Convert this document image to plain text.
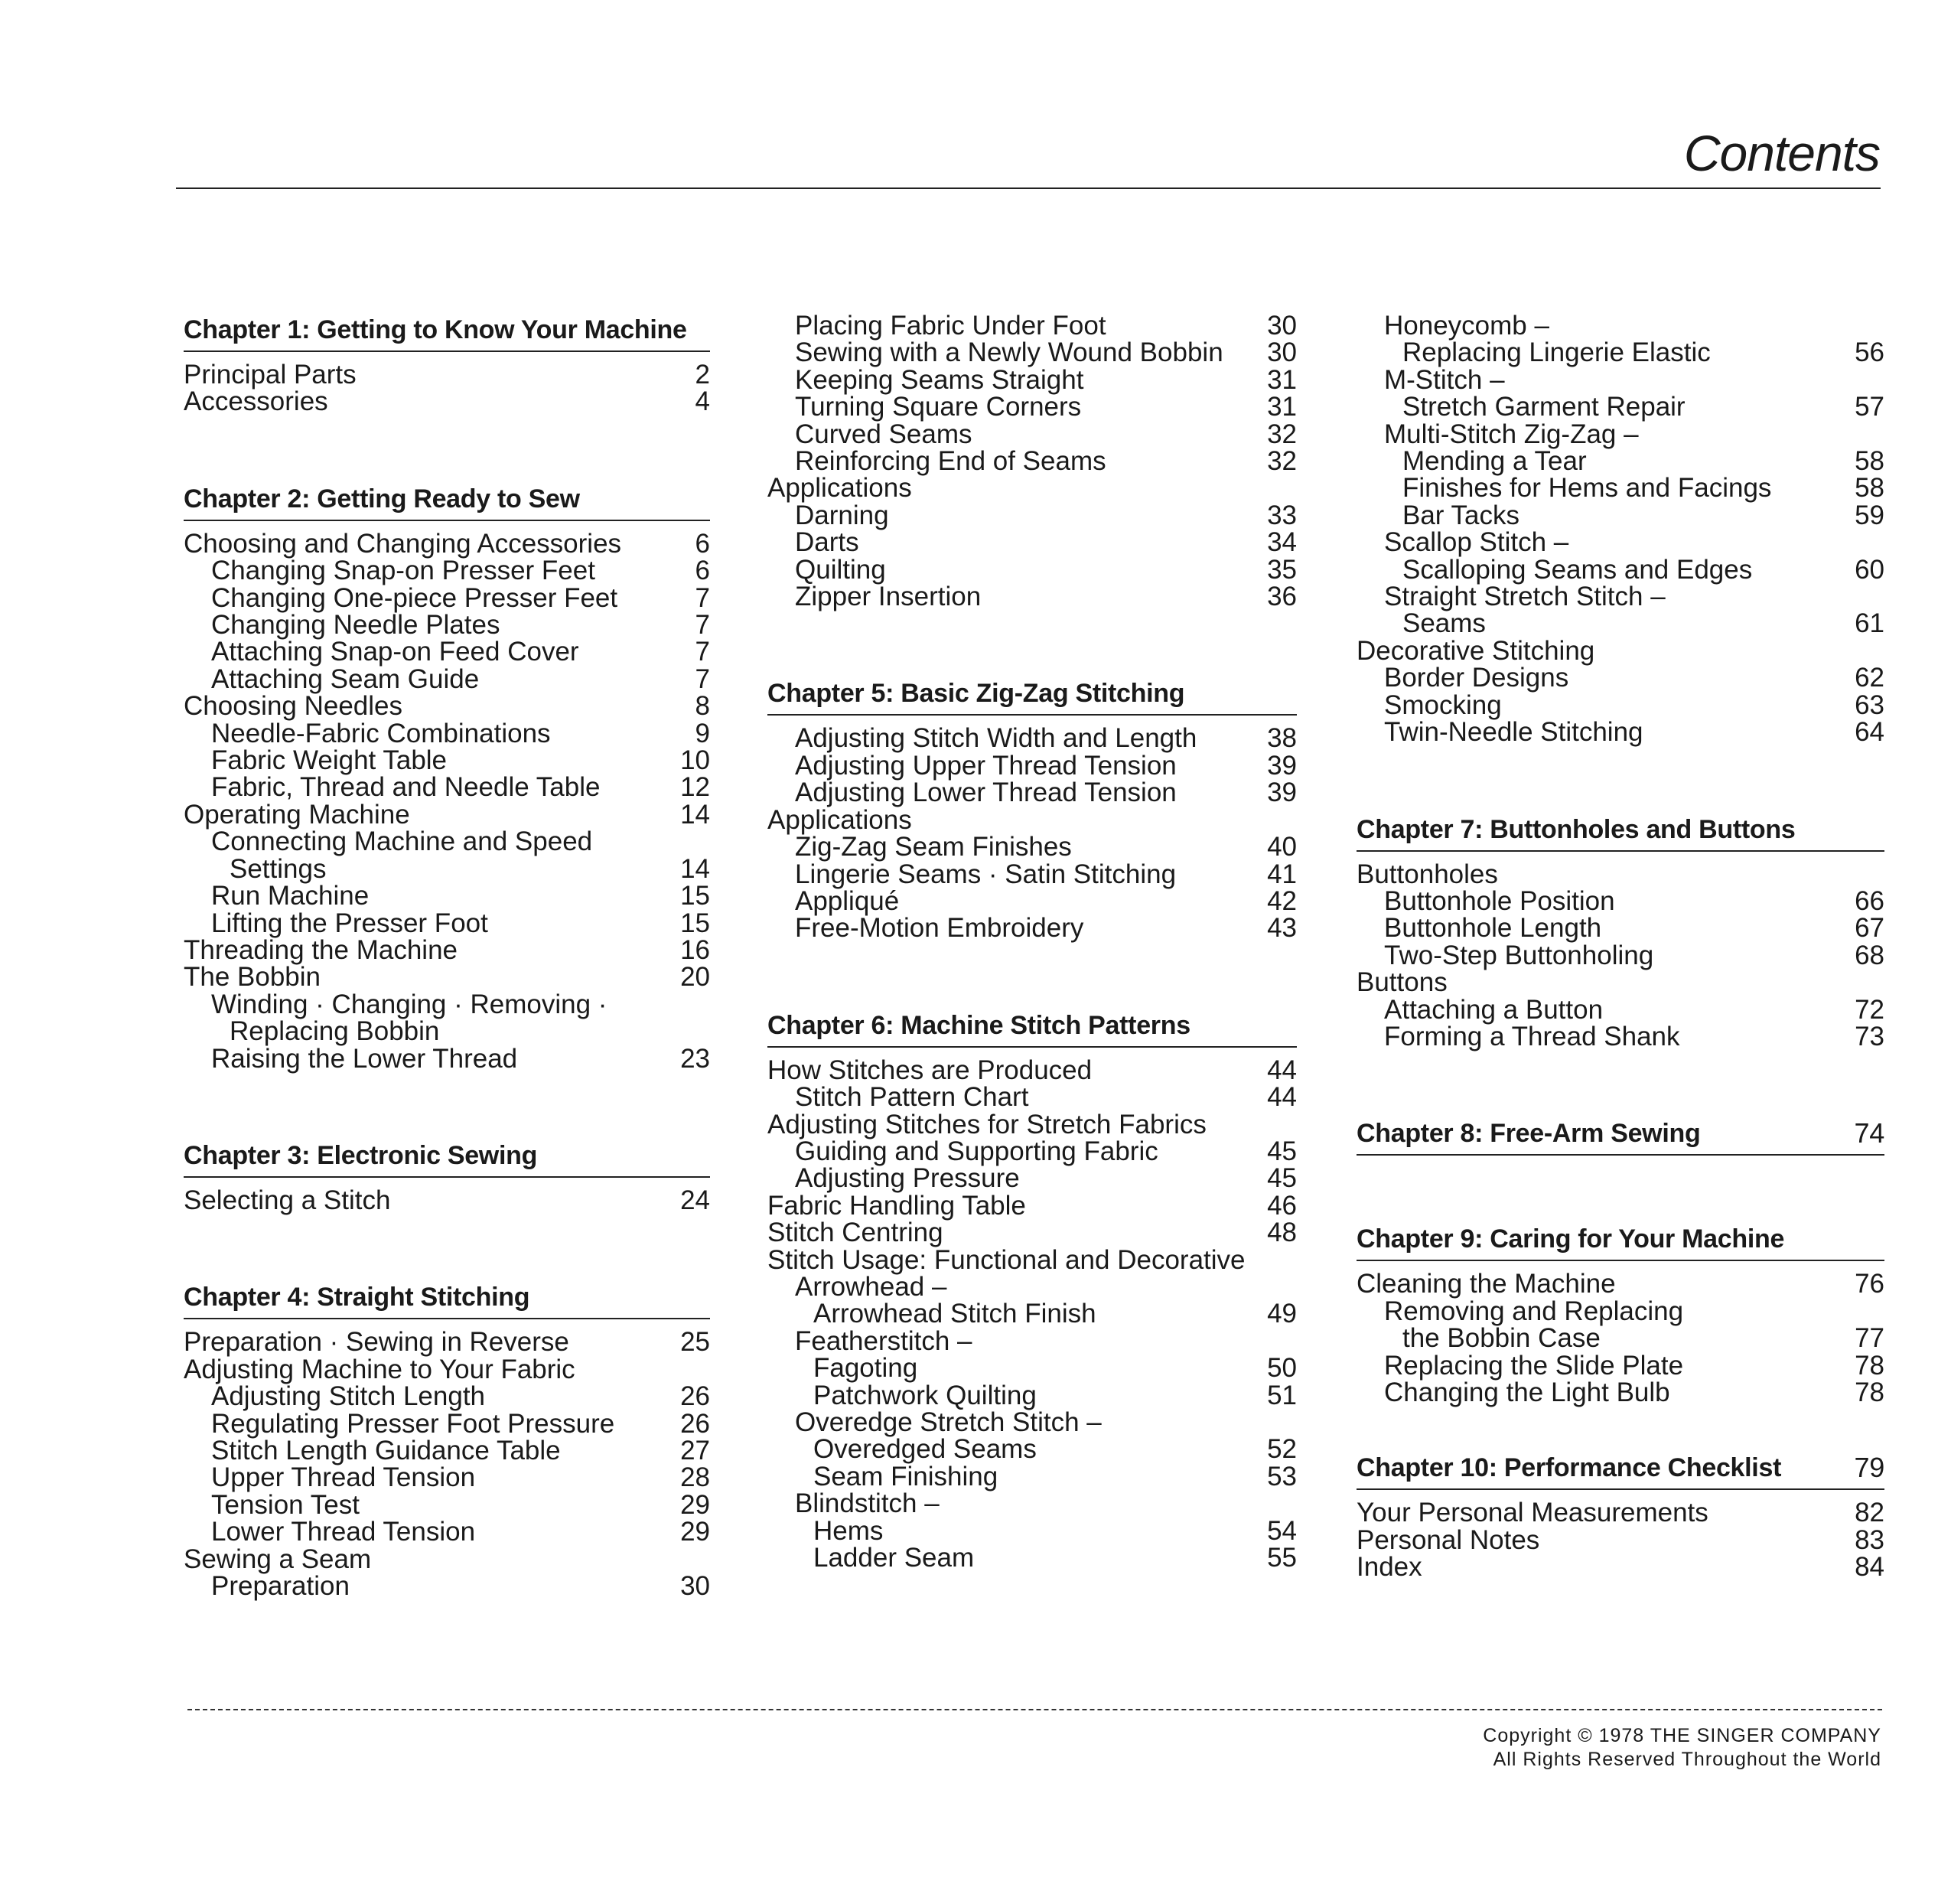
Contents
Chapter 1: Getting to Know Your Machine
Principal Parts	2
Accessories	4
Chapter 2: Getting Ready to Sew
Choosing and Changing Accessories	6
Changing Snap-on Presser Feet	6
Changing One-piece Presser Feet	7
Changing Needle Plates	7
Attaching Snap-on Feed Cover	7
Attaching Seam Guide	7
Choosing Needles	8
Needle-Fabric Combinations	9
Fabric Weight Table	10
Fabric, Thread and Needle Table	12
Operating Machine	14
Connecting Machine and Speed
Settings	14
Run Machine	15
Lifting the Presser Foot	15
Threading the Machine	16
The Bobbin	20
Winding · Changing · Removing ·
Replacing Bobbin
Raising the Lower Thread	23
Chapter 3: Electronic Sewing
Selecting a Stitch	24
Chapter 4: Straight Stitching
Preparation · Sewing in Reverse	25
Adjusting Machine to Your Fabric
Adjusting Stitch Length	26
Regulating Presser Foot Pressure	26
Stitch Length Guidance Table	27
Upper Thread Tension	28
Tension Test	29
Lower Thread Tension	29
Sewing a Seam
Preparation	30
Placing Fabric Under Foot	30
Sewing with a Newly Wound Bobbin	30
Keeping Seams Straight	31
Turning Square Corners	31
Curved Seams	32
Reinforcing End of Seams	32
Applications
Darning	33
Darts	34
Quilting	35
Zipper Insertion	36
Chapter 5: Basic Zig-Zag Stitching
Adjusting Stitch Width and Length	38
Adjusting Upper Thread Tension	39
Adjusting Lower Thread Tension	39
Applications
Zig-Zag Seam Finishes	40
Lingerie Seams · Satin Stitching	41
Appliqué	42
Free-Motion Embroidery	43
Chapter 6: Machine Stitch Patterns
How Stitches are Produced	44
Stitch Pattern Chart	44
Adjusting Stitches for Stretch Fabrics
Guiding and Supporting Fabric	45
Adjusting Pressure	45
Fabric Handling Table	46
Stitch Centring	48
Stitch Usage: Functional and Decorative
Arrowhead –
Arrowhead Stitch Finish	49
Featherstitch –
Fagoting	50
Patchwork Quilting	51
Overedge Stretch Stitch –
Overedged Seams	52
Seam Finishing	53
Blindstitch –
Hems	54
Ladder Seam	55
Honeycomb –
Replacing Lingerie Elastic	56
M-Stitch –
Stretch Garment Repair	57
Multi-Stitch Zig-Zag –
Mending a Tear	58
Finishes for Hems and Facings	58
Bar Tacks	59
Scallop Stitch –
Scalloping Seams and Edges	60
Straight Stretch Stitch –
Seams	61
Decorative Stitching
Border Designs	62
Smocking	63
Twin-Needle Stitching	64
Chapter 7: Buttonholes and Buttons
Buttonholes
Buttonhole Position	66
Buttonhole Length	67
Two-Step Buttonholing	68
Buttons
Attaching a Button	72
Forming a Thread Shank	73
Chapter 8: Free-Arm Sewing	74
Chapter 9: Caring for Your Machine
Cleaning the Machine	76
Removing and Replacing
the Bobbin Case	77
Replacing the Slide Plate	78
Changing the Light Bulb	78
Chapter 10: Performance Checklist	79
Your Personal Measurements	82
Personal Notes	83
Index	84
Copyright © 1978 THE SINGER COMPANY
All Rights Reserved Throughout the World
